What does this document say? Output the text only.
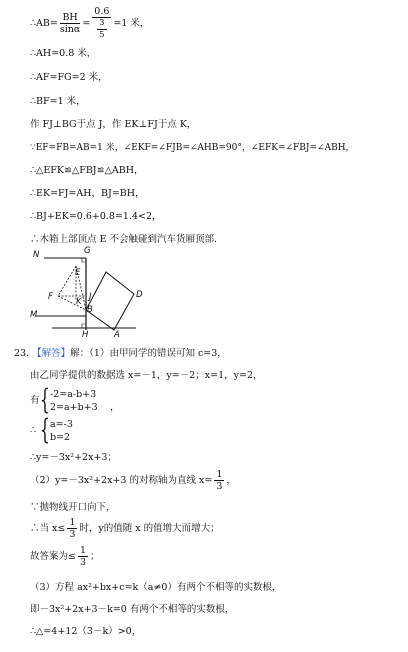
∴AB= $\frac{BH}{\sin\alpha} = \frac{0.6}{\frac{3}{5}} =1$ 米，
∴AH=0.8 米，
∴AF=FG=2 米，
∴BF=1 米，
作 FJ⊥BG于点 J，作 EK⊥FJ于点 K，
∵EF=FB=AB=1 米，∠EKF=∠FJB=∠AHB=90°，∠EFK=∠FBJ=∠ABH，
∴△EFK≌△FBJ≌△ABH，
∴EK=FJ=AH，BJ=BH，
∴BJ+EK=0.6+0.8=1.4<2，
∴木箱上部顶点 E 不会触碰到汽车货厢顶部．
N	G
E
F	J
K
B
D
M
H	A
23. 【解答】解：（1）由甲同学的错误可知 c=3，
由乙同学提供的数据选 x=－1，y=－2；x=1，y=2，
有 { -2=a-b+3
2=a+b+3 ，
∴ { a=-3
b=2
∴y=－3x²+2x+3；
（2）y=－3x²+2x+3 的对称轴为直线 $x= \frac{1}{3}$ ，
∵抛物线开口向下，
∴当 $x\le \frac{1}{3}$ 时，y的值随 x 的值增大而增大；
故答案为≤ $\frac{1}{3}$ ；
（3）方程 ax²+bx+c=k（a≠0）有两个不相等的实数根，
即－3x²+2x+3－k=0 有两个不相等的实数根，
∴△=4+12（3－k）>0，
